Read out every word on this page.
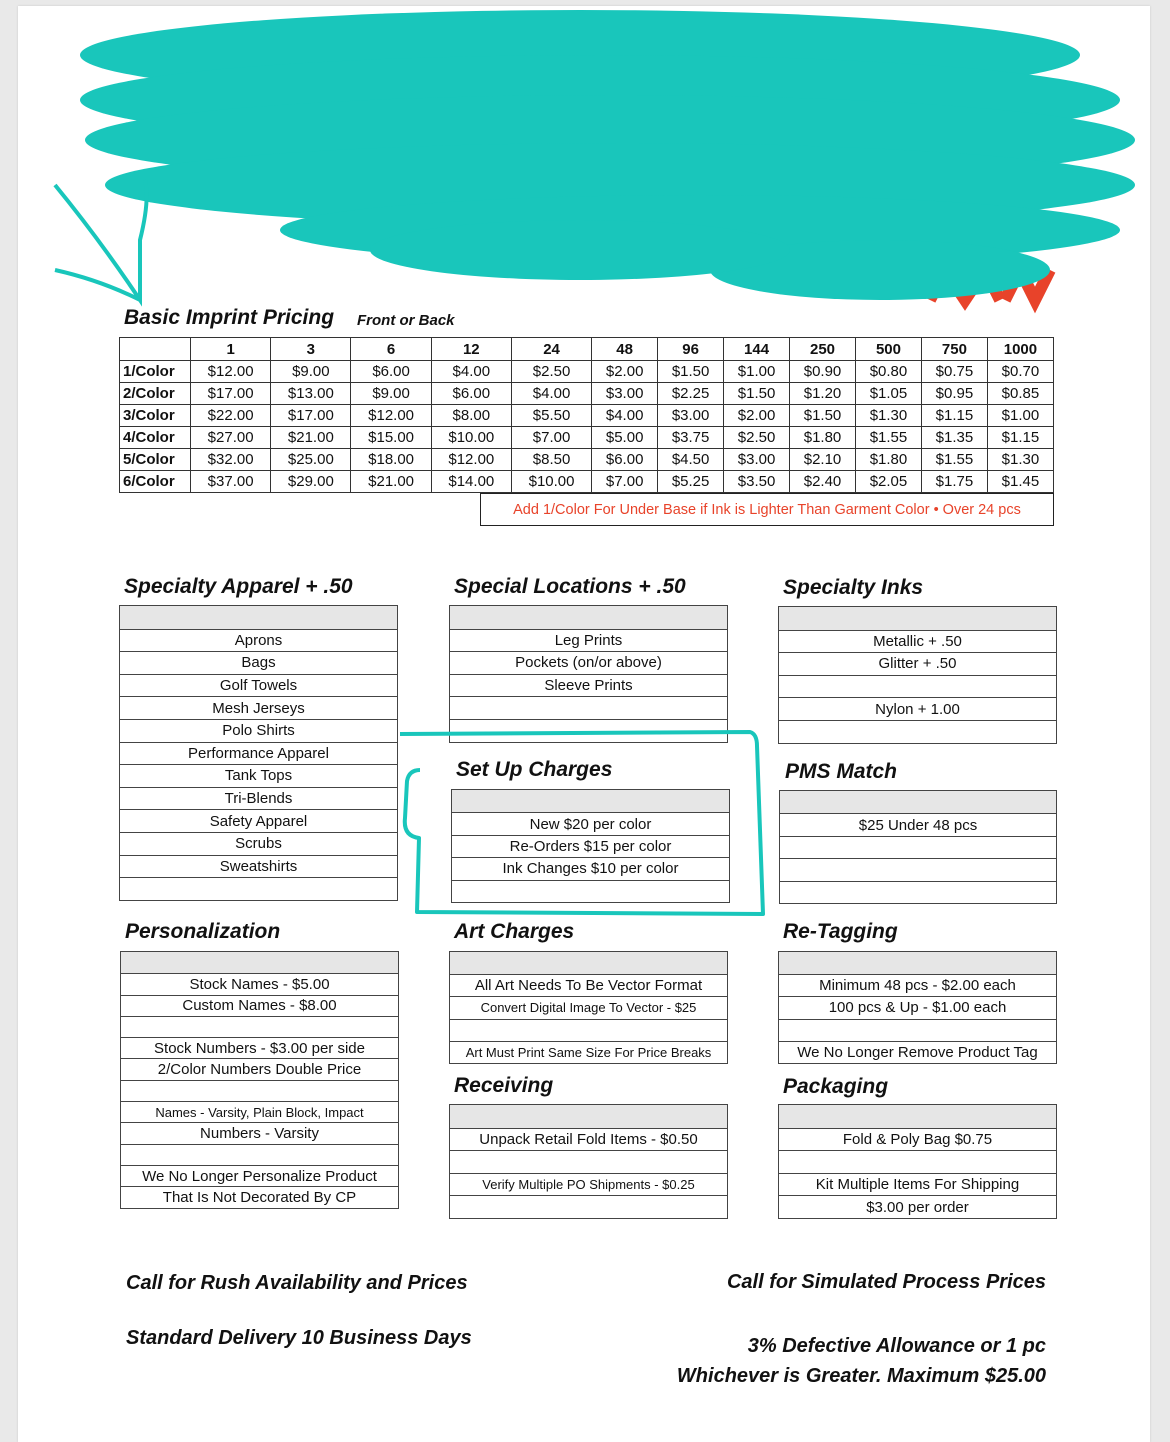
Basic Imprint Pricing Front or Back
	1	3	6	12	24	48	96	144	250	500	750	1000
1/Color	$12.00	$9.00	$6.00	$4.00	$2.50	$2.00	$1.50	$1.00	$0.90	$0.80	$0.75	$0.70
2/Color	$17.00	$13.00	$9.00	$6.00	$4.00	$3.00	$2.25	$1.50	$1.20	$1.05	$0.95	$0.85
3/Color	$22.00	$17.00	$12.00	$8.00	$5.50	$4.00	$3.00	$2.00	$1.50	$1.30	$1.15	$1.00
4/Color	$27.00	$21.00	$15.00	$10.00	$7.00	$5.00	$3.75	$2.50	$1.80	$1.55	$1.35	$1.15
5/Color	$32.00	$25.00	$18.00	$12.00	$8.50	$6.00	$4.50	$3.00	$2.10	$1.80	$1.55	$1.30
6/Color	$37.00	$29.00	$21.00	$14.00	$10.00	$7.00	$5.25	$3.50	$2.40	$2.05	$1.75	$1.45
Add 1/Color For Under Base if Ink is Lighter Than Garment Color • Over 24 pcs
Specialty Apparel + .50	Special Locations + .50	Specialty Inks
Set Up Charges	PMS Match
Personalization	Art Charges	Re-Tagging
Receiving	Packaging
Aprons
Bags
Golf Towels
Mesh Jerseys
Polo Shirts
Performance Apparel
Tank Tops
Tri-Blends
Safety Apparel
Scrubs
Sweatshirts
Leg Prints
Pockets (on/or above)
Sleeve Prints
Metallic + .50
Glitter + .50
Nylon + 1.00
New $20 per color
Re-Orders $15 per color
Ink Changes $10 per color
$25 Under 48 pcs
Stock Names - $5.00
Custom Names - $8.00
Stock Numbers - $3.00 per side
2/Color Numbers Double Price
Names - Varsity, Plain Block, Impact
Numbers - Varsity
We No Longer Personalize Product
That Is Not Decorated By CP
All Art Needs To Be Vector Format
Convert Digital Image To Vector - $25
Art Must Print Same Size For Price Breaks
Minimum 48 pcs - $2.00 each
100 pcs & Up - $1.00 each
We No Longer Remove Product Tag
Unpack Retail Fold Items - $0.50
Verify Multiple PO Shipments - $0.25
Fold & Poly Bag $0.75
Kit Multiple Items For Shipping
$3.00 per order
Call for Rush Availability and Prices
Standard Delivery 10 Business Days
Call for Simulated Process Prices
3% Defective Allowance or 1 pc
Whichever is Greater. Maximum $25.00
